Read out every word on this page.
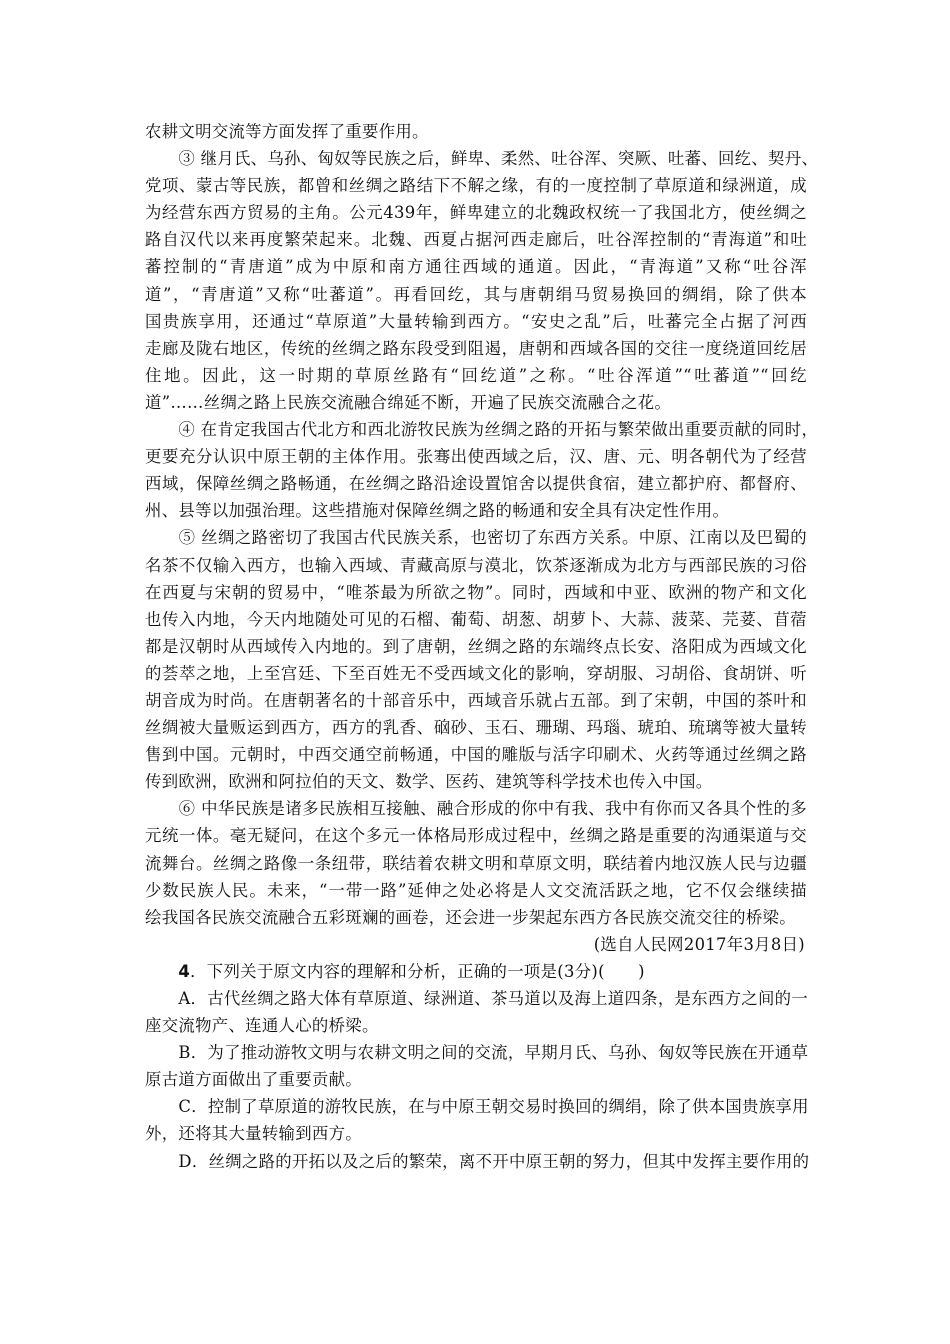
农耕文明交流等方面发挥了重要作用。
　　③ 继月氏、乌孙、匈奴等民族之后，鲜卑、柔然、吐谷浑、突厥、吐蕃、回纥、契丹、
党项、蒙古等民族，都曾和丝绸之路结下不解之缘，有的一度控制了草原道和绿洲道，成
为经营东西方贸易的主角。公元439年，鲜卑建立的北魏政权统一了我国北方，使丝绸之
路自汉代以来再度繁荣起来。北魏、西夏占据河西走廊后，吐谷浑控制的“青海道”和吐
蕃控制的“青唐道”成为中原和南方通往西域的通道。因此，“青海道”又称“吐谷浑
道”，“青唐道”又称“吐蕃道”。再看回纥，其与唐朝绢马贸易换回的绸绢，除了供本
国贵族享用，还通过“草原道”大量转输到西方。“安史之乱”后，吐蕃完全占据了河西
走廊及陇右地区，传统的丝绸之路东段受到阻遏，唐朝和西域各国的交往一度绕道回纥居
住地。因此，这一时期的草原丝路有“回纥道”之称。“吐谷浑道”“吐蕃道”“回纥
道”……丝绸之路上民族交流融合绵延不断，开遍了民族交流融合之花。
　　④ 在肯定我国古代北方和西北游牧民族为丝绸之路的开拓与繁荣做出重要贡献的同时，
更要充分认识中原王朝的主体作用。张骞出使西域之后，汉、唐、元、明各朝代为了经营
西域，保障丝绸之路畅通，在丝绸之路沿途设置馆舍以提供食宿，建立都护府、都督府、
州、县等以加强治理。这些措施对保障丝绸之路的畅通和安全具有决定性作用。
　　⑤ 丝绸之路密切了我国古代民族关系，也密切了东西方关系。中原、江南以及巴蜀的
名茶不仅输入西方，也输入西域、青藏高原与漠北，饮茶逐渐成为北方与西部民族的习俗
在西夏与宋朝的贸易中，“唯茶最为所欲之物”。同时，西域和中亚、欧洲的物产和文化
也传入内地，今天内地随处可见的石榴、葡萄、胡葱、胡萝卜、大蒜、菠菜、芫荽、苜蓿
都是汉朝时从西域传入内地的。到了唐朝，丝绸之路的东端终点长安、洛阳成为西域文化
的荟萃之地，上至宫廷、下至百姓无不受西域文化的影响，穿胡服、习胡俗、食胡饼、听
胡音成为时尚。在唐朝著名的十部音乐中，西域音乐就占五部。到了宋朝，中国的茶叶和
丝绸被大量贩运到西方，西方的乳香、硇砂、玉石、珊瑚、玛瑙、琥珀、琉璃等被大量转
售到中国。元朝时，中西交通空前畅通，中国的雕版与活字印刷术、火药等通过丝绸之路
传到欧洲，欧洲和阿拉伯的天文、数学、医药、建筑等科学技术也传入中国。
　　⑥ 中华民族是诸多民族相互接触、融合形成的你中有我、我中有你而又各具个性的多
元统一体。毫无疑问，在这个多元一体格局形成过程中，丝绸之路是重要的沟通渠道与交
流舞台。丝绸之路像一条纽带，联结着农耕文明和草原文明，联结着内地汉族人民与边疆
少数民族人民。未来，“一带一路”延伸之处必将是人文交流活跃之地，它不仅会继续描
绘我国各民族交流融合五彩斑斓的画卷，还会进一步架起东西方各民族交流交往的桥梁。
(选自人民网2017年3月8日)
　　4．下列关于原文内容的理解和分析，正确的一项是(3分)(　　)
　　A．古代丝绸之路大体有草原道、绿洲道、茶马道以及海上道四条，是东西方之间的一
座交流物产、连通人心的桥梁。
　　B．为了推动游牧文明与农耕文明之间的交流，早期月氏、乌孙、匈奴等民族在开通草
原古道方面做出了重要贡献。
　　C．控制了草原道的游牧民族，在与中原王朝交易时换回的绸绢，除了供本国贵族享用
外，还将其大量转输到西方。
　　D．丝绸之路的开拓以及之后的繁荣，离不开中原王朝的努力，但其中发挥主要作用的
